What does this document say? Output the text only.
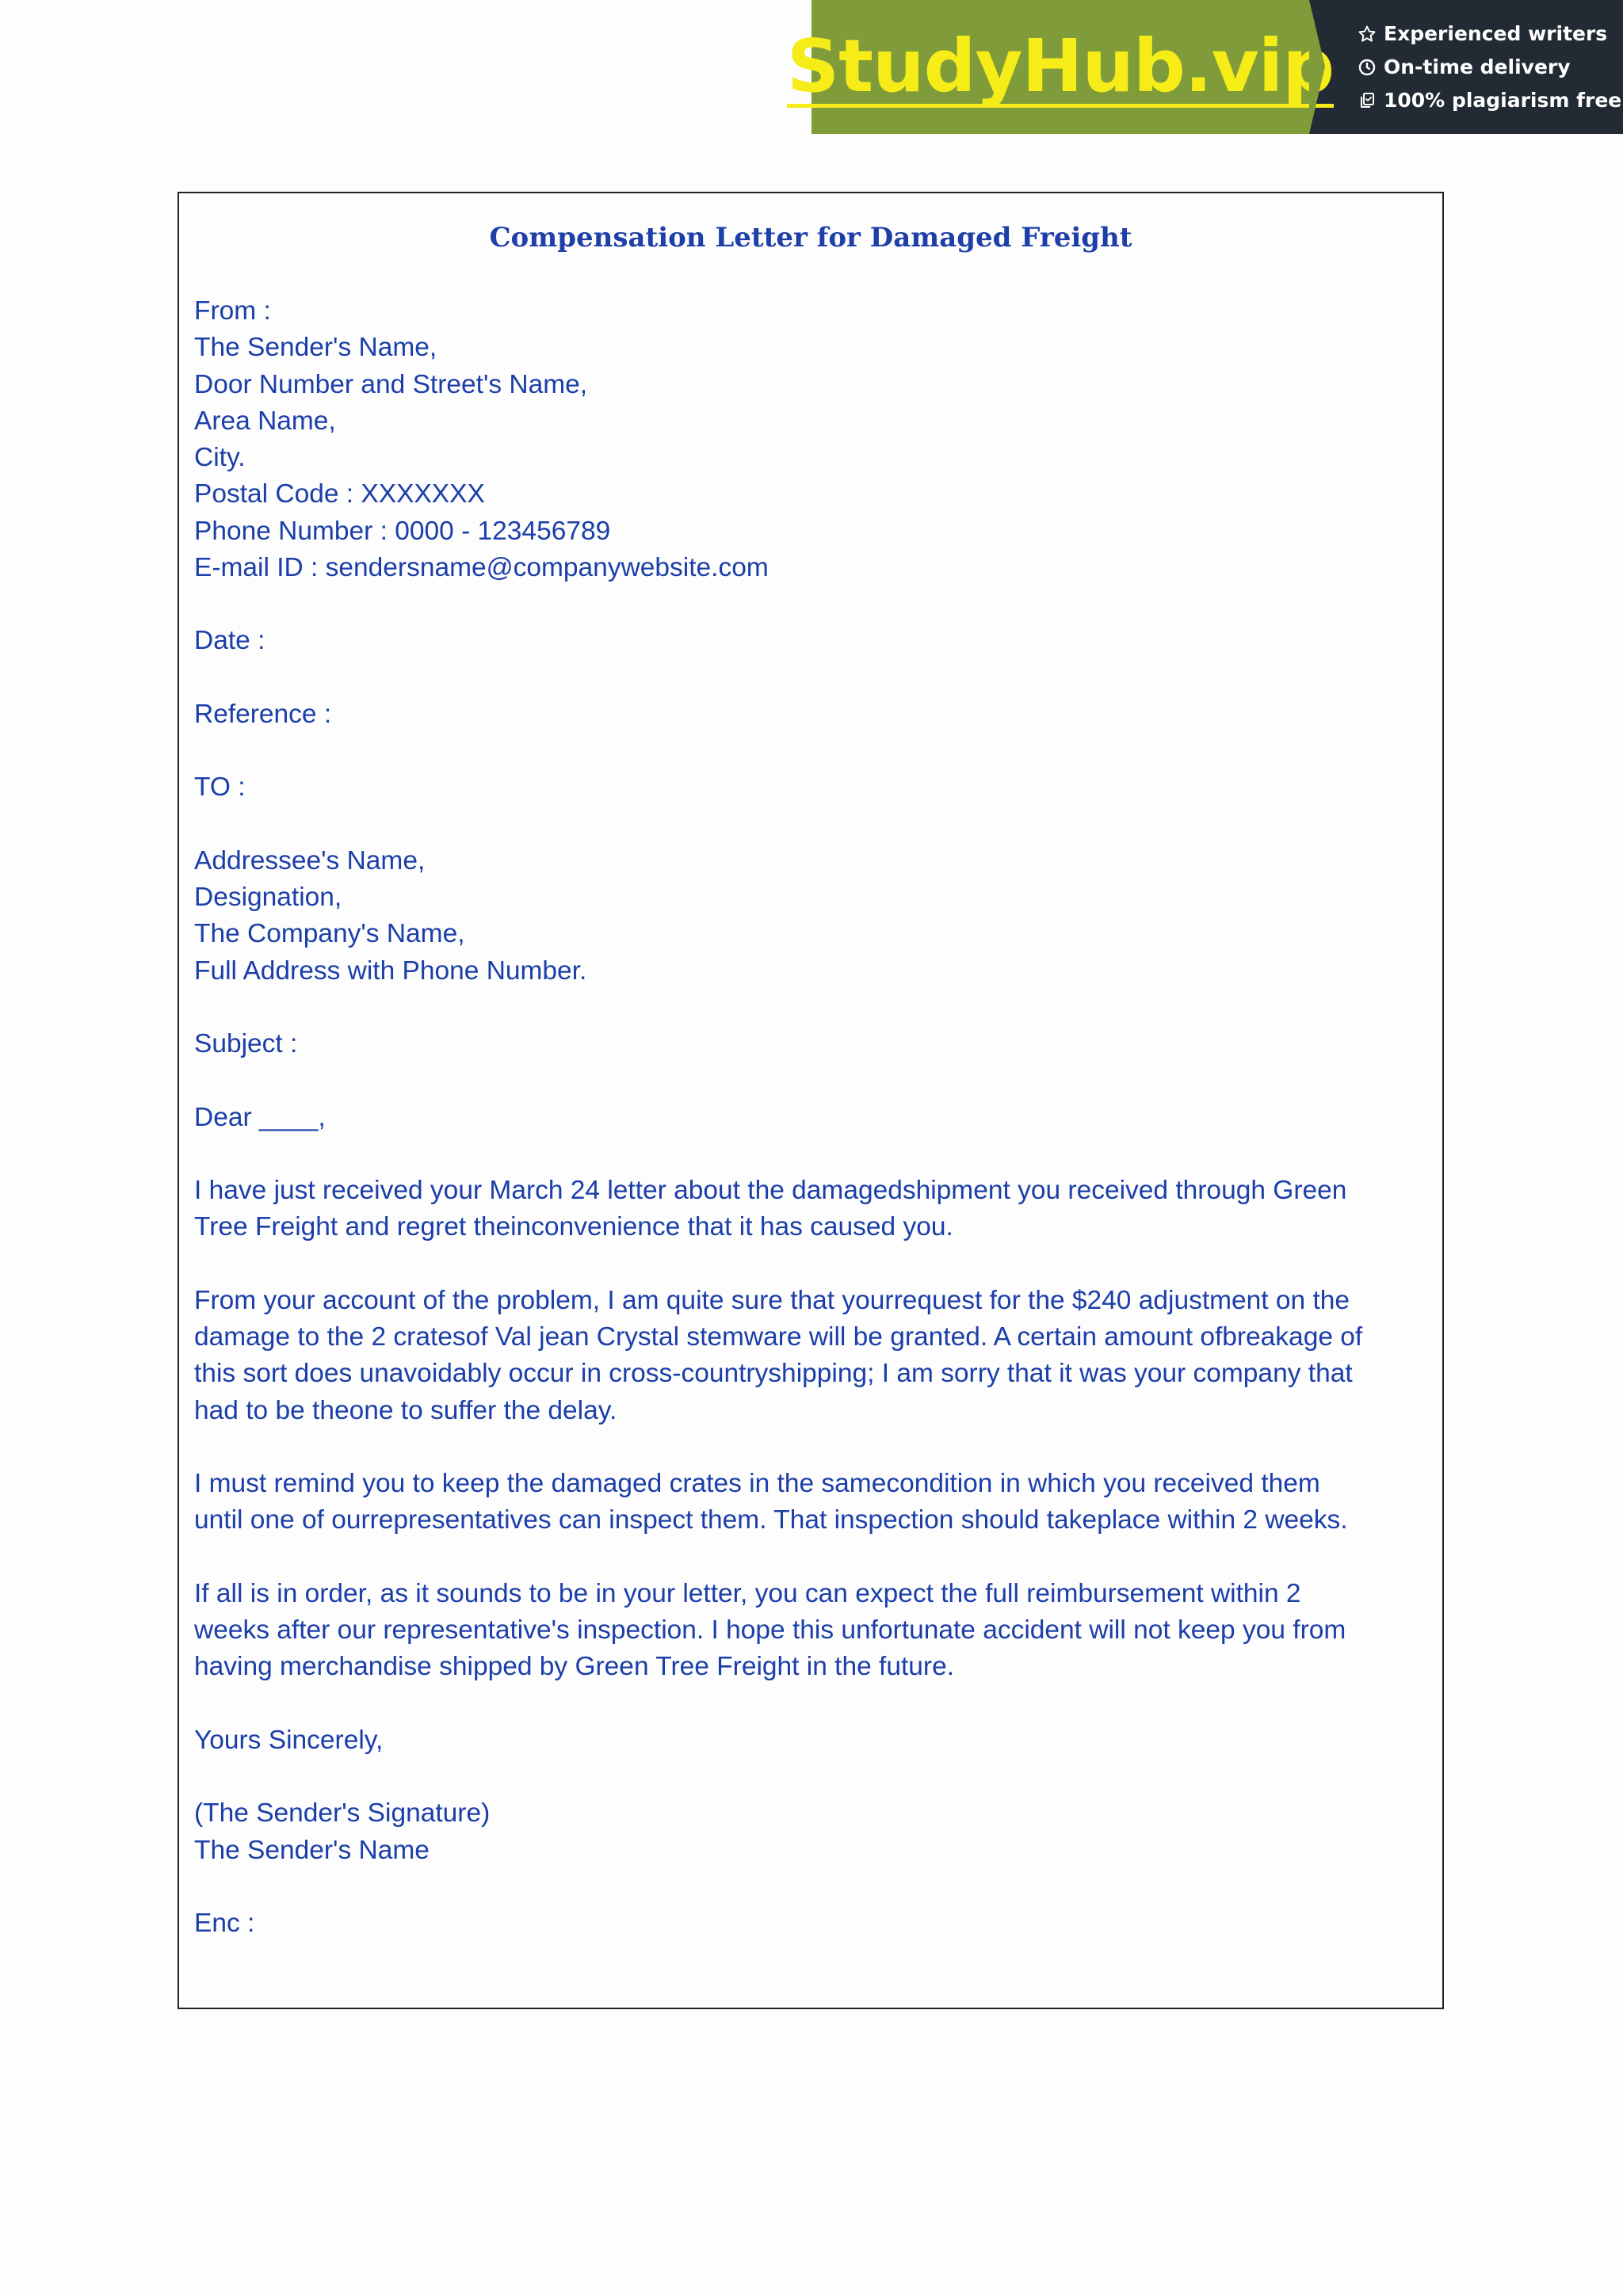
StudyHub.vip	Experienced writers
On-time delivery
100% plagiarism free
Compensation Letter for Damaged Freight
From :
The Sender's Name,
Door Number and Street's Name,
Area Name,
City.
Postal Code : XXXXXXX
Phone Number : 0000 - 123456789
E-mail ID : sendersname@companywebsite.com
Date :
Reference :
TO :
Addressee's Name,
Designation,
The Company's Name,
Full Address with Phone Number.
Subject :
Dear ____,
I have just received your March 24 letter about the damagedshipment you received through Green
Tree Freight and regret theinconvenience that it has caused you.
From your account of the problem, I am quite sure that yourrequest for the $240 adjustment on the
damage to the 2 cratesof Val jean Crystal stemware will be granted. A certain amount ofbreakage of
this sort does unavoidably occur in cross-countryshipping; I am sorry that it was your company that
had to be theone to suffer the delay.
I must remind you to keep the damaged crates in the samecondition in which you received them
until one of ourrepresentatives can inspect them. That inspection should takeplace within 2 weeks.
If all is in order, as it sounds to be in your letter, you can expect the full reimbursement within 2
weeks after our representative's inspection. I hope this unfortunate accident will not keep you from
having merchandise shipped by Green Tree Freight in the future.
Yours Sincerely,
(The Sender's Signature)
The Sender's Name
Enc :
